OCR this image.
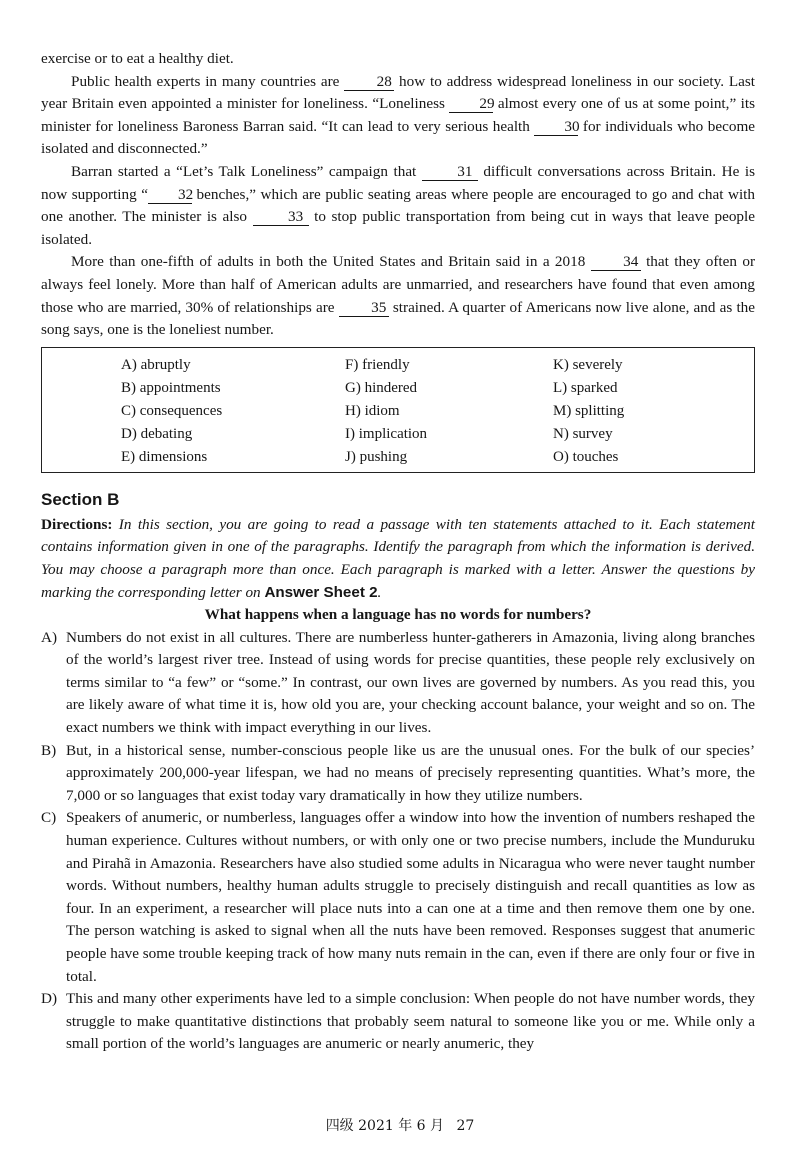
exercise or to eat a healthy diet.

Public health experts in many countries are 28 how to address widespread loneliness in our society. Last year Britain even appointed a minister for loneliness. “Loneliness 29 almost every one of us at some point,” its minister for loneliness Baroness Barran said. “It can lead to very serious health 30 for individuals who become isolated and disconnected.”

Barran started a “Let’s Talk Loneliness” campaign that 31 difficult conversations across Britain. He is now supporting “ 32 benches,” which are public seating areas where people are encouraged to go and chat with one another. The minister is also 33 to stop public transportation from being cut in ways that leave people isolated.

More than one-fifth of adults in both the United States and Britain said in a 2018 34 that they often or always feel lonely. More than half of American adults are unmarried, and researchers have found that even among those who are married, 30% of relationships are 35 strained. A quarter of Americans now live alone, and as the song says, one is the loneliest number.

A) abruptly
B) appointments
C) consequences
D) debating
E) dimensions
F) friendly
G) hindered
H) idiom
I) implication
J) pushing
K) severely
L) sparked
M) splitting
N) survey
O) touches
Section B

Directions: In this section, you are going to read a passage with ten statements attached to it. Each statement contains information given in one of the paragraphs. Identify the paragraph from which the information is derived. You may choose a paragraph more than once. Each paragraph is marked with a letter. Answer the questions by marking the corresponding letter on Answer Sheet 2.

What happens when a language has no words for numbers?

A) Numbers do not exist in all cultures. There are numberless hunter-gatherers in Amazonia, living along branches of the world’s largest river tree. Instead of using words for precise quantities, these people rely exclusively on terms similar to “a few” or “some.” In contrast, our own lives are governed by numbers. As you read this, you are likely aware of what time it is, how old you are, your checking account balance, your weight and so on. The exact numbers we think with impact everything in our lives.

B) But, in a historical sense, number-conscious people like us are the unusual ones. For the bulk of our species’ approximately 200,000-year lifespan, we had no means of precisely representing quantities. What’s more, the 7,000 or so languages that exist today vary dramatically in how they utilize numbers.

C) Speakers of anumeric, or numberless, languages offer a window into how the invention of numbers reshaped the human experience. Cultures without numbers, or with only one or two precise numbers, include the Munduruku and Pirahã in Amazonia. Researchers have also studied some adults in Nicaragua who were never taught number words. Without numbers, healthy human adults struggle to precisely distinguish and recall quantities as low as four. In an experiment, a researcher will place nuts into a can one at a time and then remove them one by one. The person watching is asked to signal when all the nuts have been removed. Responses suggest that anumeric people have some trouble keeping track of how many nuts remain in the can, even if there are only four or five in total.

D) This and many other experiments have led to a simple conclusion: When people do not have number words, they struggle to make quantitative distinctions that probably seem natural to someone like you or me. While only a small portion of the world’s languages are anumeric or nearly anumeric, they

四级 2021 年 6 月 27
